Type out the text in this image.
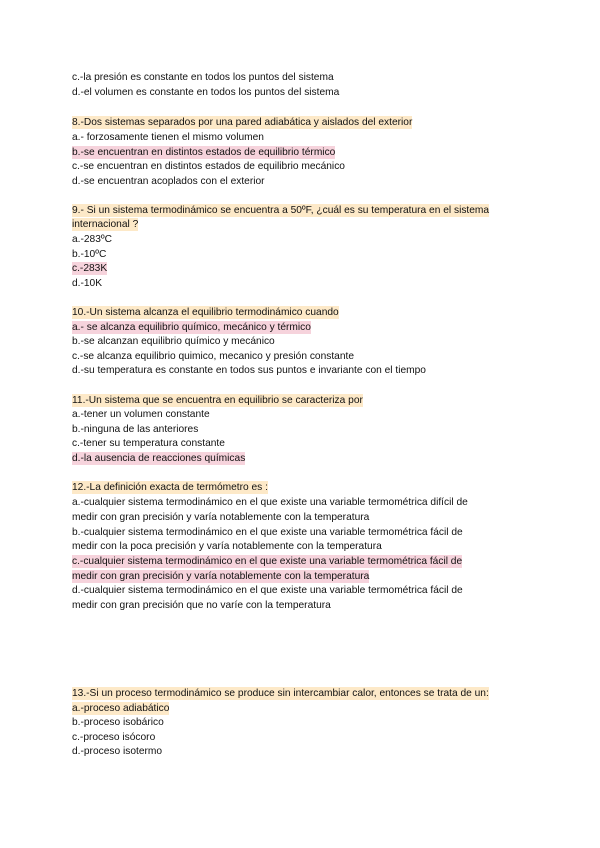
c.-la presión es constante en todos los puntos del sistema
d.-el volumen es constante en todos los puntos del sistema
8.-Dos sistemas separados por una pared adiabática y aislados del exterior
a.- forzosamente tienen el mismo volumen
b.-se encuentran en distintos estados de equilibrio térmico
c.-se encuentran en distintos estados de equilibrio mecánico
d.-se encuentran acoplados con el exterior
9.- Si un sistema termodinámico se encuentra a 50ºF, ¿cuál es su temperatura en el sistema
internacional ?
a.-283ºC
b.-10ºC
c.-283K
d.-10K
10.-Un sistema alcanza el equilibrio termodinámico cuando
a.- se alcanza equilibrio químico, mecánico y térmico
b.-se alcanzan equilibrio químico y mecánico
c.-se alcanza equilibrio quimico, mecanico y presión constante
d.-su temperatura es constante en todos sus puntos e invariante con el tiempo
11.-Un sistema que se encuentra en equilibrio se caracteriza por
a.-tener un volumen constante
b.-ninguna de las anteriores
c.-tener su temperatura constante
d.-la ausencia de reacciones químicas
12.-La definición exacta de termómetro es :
a.-cualquier sistema termodinámico en el que existe una variable termométrica difícil de
medir con gran precisión y varía notablemente con la temperatura
b.-cualquier sistema termodinámico en el que existe una variable termométrica fácil de
medir con la poca precisión y varía notablemente con la temperatura
c.-cualquier sistema termodinámico en el que existe una variable termométrica fácil de
medir con gran precisión y varía notablemente con la temperatura
d.-cualquier sistema termodinámico en el que existe una variable termométrica fácil de
medir con gran precisión que no varíe con la temperatura
13.-Si un proceso termodinámico se produce sin intercambiar calor, entonces se trata de un:
a.-proceso adiabático
b.-proceso isobárico
c.-proceso isócoro
d.-proceso isotermo
